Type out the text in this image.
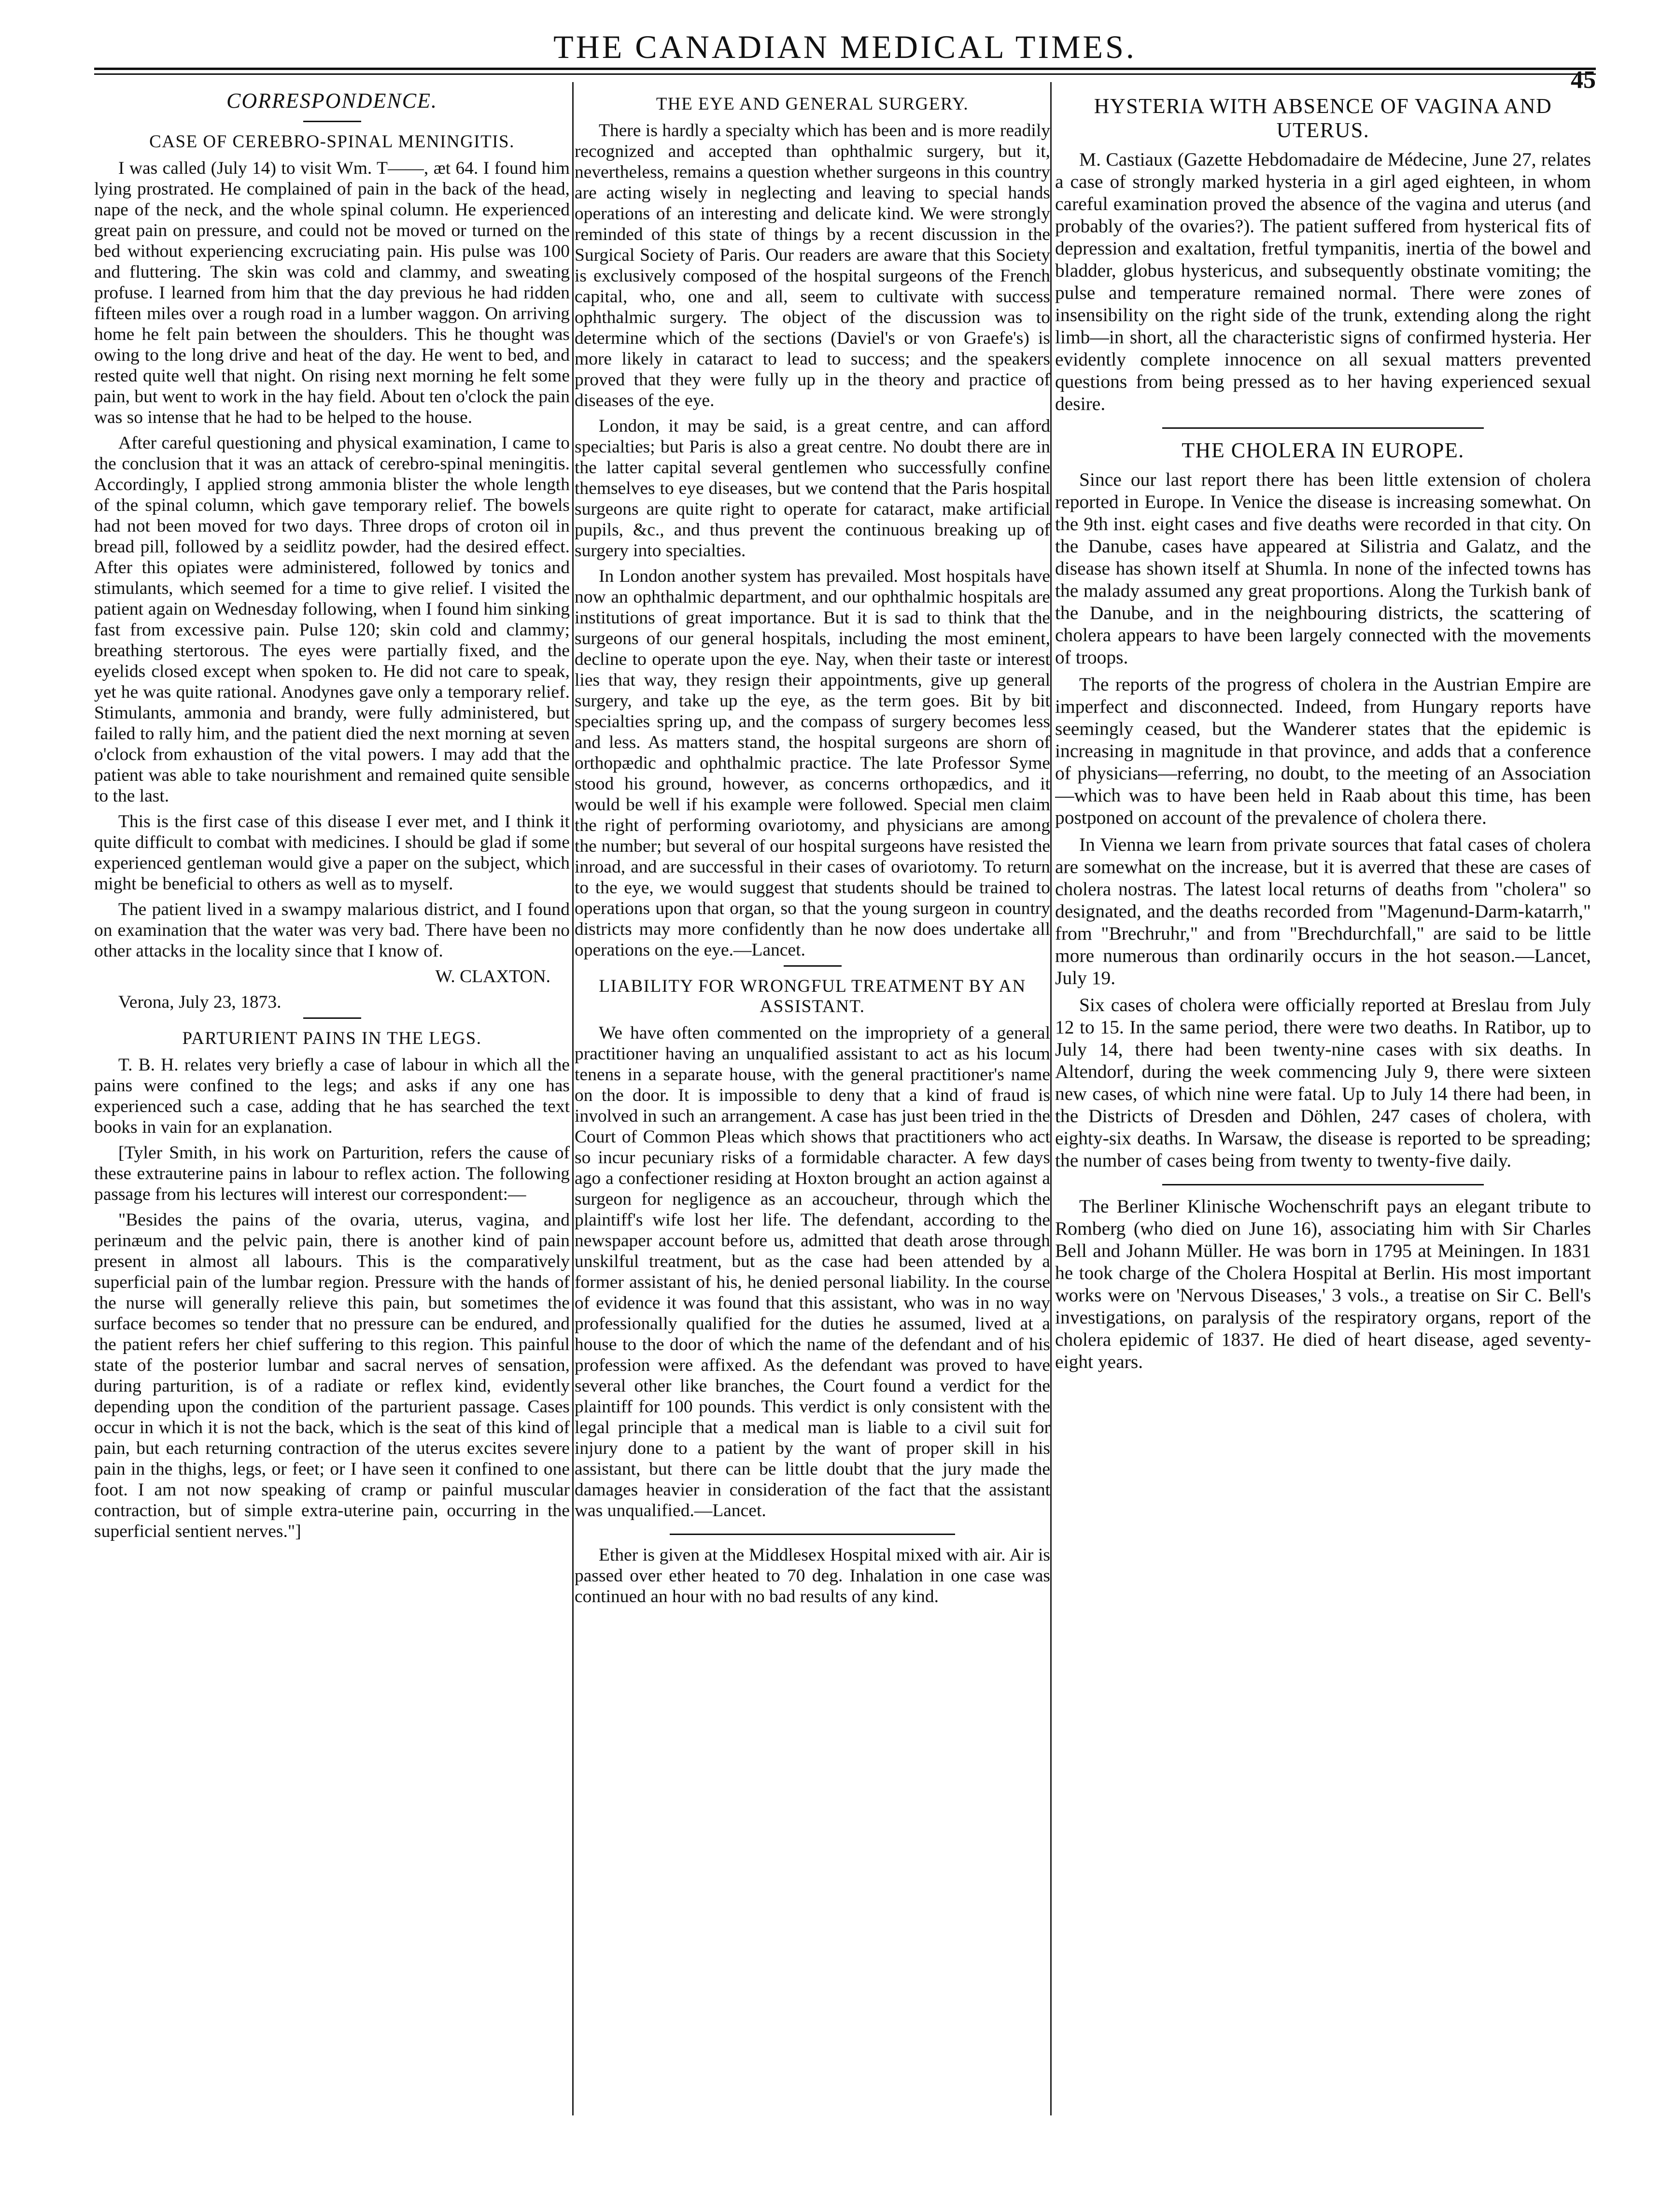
THE CANADIAN MEDICAL TIMES.
45
CORRESPONDENCE.
CASE OF CEREBRO-SPINAL MENINGITIS.

I was called (July 14) to visit Wm. T——, æt 64. I found him lying prostrated. He complained of pain in the back of the head, nape of the neck, and the whole spinal column. He experienced great pain on pressure, and could not be moved or turned on the bed without experiencing excruciating pain. His pulse was 100 and fluttering. The skin was cold and clammy, and sweating profuse. I learned from him that the day previous he had ridden fifteen miles over a rough road in a lumber waggon. On arriving home he felt pain between the shoulders. This he thought was owing to the long drive and heat of the day. He went to bed, and rested quite well that night. On rising next morning he felt some pain, but went to work in the hay field. About ten o'clock the pain was so intense that he had to be helped to the house.

After careful questioning and physical examination, I came to the conclusion that it was an attack of cerebro-spinal meningitis. Accordingly, I applied strong ammonia blister the whole length of the spinal column, which gave temporary relief. The bowels had not been moved for two days. Three drops of croton oil in bread pill, followed by a seidlitz powder, had the desired effect. After this opiates were administered, followed by tonics and stimulants, which seemed for a time to give relief. I visited the patient again on Wednesday following, when I found him sinking fast from excessive pain. Pulse 120; skin cold and clammy; breathing stertorous. The eyes were partially fixed, and the eyelids closed except when spoken to. He did not care to speak, yet he was quite rational. Anodynes gave only a temporary relief. Stimulants, ammonia and brandy, were fully administered, but failed to rally him, and the patient died the next morning at seven o'clock from exhaustion of the vital powers. I may add that the patient was able to take nourishment and remained quite sensible to the last.

This is the first case of this disease I ever met, and I think it quite difficult to combat with medicines. I should be glad if some experienced gentleman would give a paper on the subject, which might be beneficial to others as well as to myself.

The patient lived in a swampy malarious district, and I found on examination that the water was very bad. There have been no other attacks in the locality since that I know of.

W. CLAXTON.

Verona, July 23, 1873.

PARTURIENT PAINS IN THE LEGS.

T. B. H. relates very briefly a case of labour in which all the pains were confined to the legs; and asks if any one has experienced such a case, adding that he has searched the text books in vain for an explanation.

[Tyler Smith, in his work on Parturition, refers the cause of these extrauterine pains in labour to reflex action. The following passage from his lectures will interest our correspondent:—

"Besides the pains of the ovaria, uterus, vagina, and perinæum and the pelvic pain, there is another kind of pain present in almost all labours. This is the comparatively superficial pain of the lumbar region. Pressure with the hands of the nurse will generally relieve this pain, but sometimes the surface becomes so tender that no pressure can be endured, and the patient refers her chief suffering to this region. This painful state of the posterior lumbar and sacral nerves of sensation, during parturition, is of a radiate or reflex kind, evidently depending upon the condition of the parturient passage. Cases occur in which it is not the back, which is the seat of this kind of pain, but each returning contraction of the uterus excites severe pain in the thighs, legs, or feet; or I have seen it confined to one foot. I am not now speaking of cramp or painful muscular contraction, but of simple extra-uterine pain, occurring in the superficial sentient nerves."]

THE EYE AND GENERAL SURGERY.

There is hardly a specialty which has been and is more readily recognized and accepted than ophthalmic surgery, but it, nevertheless, remains a question whether surgeons in this country are acting wisely in neglecting and leaving to special hands operations of an interesting and delicate kind. We were strongly reminded of this state of things by a recent discussion in the Surgical Society of Paris. Our readers are aware that this Society is exclusively composed of the hospital surgeons of the French capital, who, one and all, seem to cultivate with success ophthalmic surgery. The object of the discussion was to determine which of the sections (Daviel's or von Graefe's) is more likely in cataract to lead to success; and the speakers proved that they were fully up in the theory and practice of diseases of the eye.

London, it may be said, is a great centre, and can afford specialties; but Paris is also a great centre. No doubt there are in the latter capital several gentlemen who successfully confine themselves to eye diseases, but we contend that the Paris hospital surgeons are quite right to operate for cataract, make artificial pupils, &c., and thus prevent the continuous breaking up of surgery into specialties.

In London another system has prevailed. Most hospitals have now an ophthalmic department, and our ophthalmic hospitals are institutions of great importance. But it is sad to think that the surgeons of our general hospitals, including the most eminent, decline to operate upon the eye. Nay, when their taste or interest lies that way, they resign their appointments, give up general surgery, and take up the eye, as the term goes. Bit by bit specialties spring up, and the compass of surgery becomes less and less. As matters stand, the hospital surgeons are shorn of orthopædic and ophthalmic practice. The late Professor Syme stood his ground, however, as concerns orthopædics, and it would be well if his example were followed. Special men claim the right of performing ovariotomy, and physicians are among the number; but several of our hospital surgeons have resisted the inroad, and are successful in their cases of ovariotomy. To return to the eye, we would suggest that students should be trained to operations upon that organ, so that the young surgeon in country districts may more confidently than he now does undertake all operations on the eye.—Lancet.

LIABILITY FOR WRONGFUL TREATMENT BY AN ASSISTANT.

We have often commented on the impropriety of a general practitioner having an unqualified assistant to act as his locum tenens in a separate house, with the general practitioner's name on the door. It is impossible to deny that a kind of fraud is involved in such an arrangement. A case has just been tried in the Court of Common Pleas which shows that practitioners who act so incur pecuniary risks of a formidable character. A few days ago a confectioner residing at Hoxton brought an action against a surgeon for negligence as an accoucheur, through which the plaintiff's wife lost her life. The defendant, according to the newspaper account before us, admitted that death arose through unskilful treatment, but as the case had been attended by a former assistant of his, he denied personal liability. In the course of evidence it was found that this assistant, who was in no way professionally qualified for the duties he assumed, lived at a house to the door of which the name of the defendant and of his profession were affixed. As the defendant was proved to have several other like branches, the Court found a verdict for the plaintiff for 100 pounds. This verdict is only consistent with the legal principle that a medical man is liable to a civil suit for injury done to a patient by the want of proper skill in his assistant, but there can be little doubt that the jury made the damages heavier in consideration of the fact that the assistant was unqualified.—Lancet.

Ether is given at the Middlesex Hospital mixed with air. Air is passed over ether heated to 70 deg. Inhalation in one case was continued an hour with no bad results of any kind.

HYSTERIA WITH ABSENCE OF VAGINA AND UTERUS.

M. Castiaux (Gazette Hebdomadaire de Médecine, June 27, relates a case of strongly marked hysteria in a girl aged eighteen, in whom careful examination proved the absence of the vagina and uterus (and probably of the ovaries?). The patient suffered from hysterical fits of depression and exaltation, fretful tympanitis, inertia of the bowel and bladder, globus hystericus, and subsequently obstinate vomiting; the pulse and temperature remained normal. There were zones of insensibility on the right side of the trunk, extending along the right limb—in short, all the characteristic signs of confirmed hysteria. Her evidently complete innocence on all sexual matters prevented questions from being pressed as to her having experienced sexual desire.

THE CHOLERA IN EUROPE.

Since our last report there has been little extension of cholera reported in Europe. In Venice the disease is increasing somewhat. On the 9th inst. eight cases and five deaths were recorded in that city. On the Danube, cases have appeared at Silistria and Galatz, and the disease has shown itself at Shumla. In none of the infected towns has the malady assumed any great proportions. Along the Turkish bank of the Danube, and in the neighbouring districts, the scattering of cholera appears to have been largely connected with the movements of troops.

The reports of the progress of cholera in the Austrian Empire are imperfect and disconnected. Indeed, from Hungary reports have seemingly ceased, but the Wanderer states that the epidemic is increasing in magnitude in that province, and adds that a conference of physicians—referring, no doubt, to the meeting of an Association—which was to have been held in Raab about this time, has been postponed on account of the prevalence of cholera there.

In Vienna we learn from private sources that fatal cases of cholera are somewhat on the increase, but it is averred that these are cases of cholera nostras. The latest local returns of deaths from "cholera" so designated, and the deaths recorded from "Magenund-Darm-katarrh," from "Brechruhr," and from "Brechdurchfall," are said to be little more numerous than ordinarily occurs in the hot season.—Lancet, July 19.

Six cases of cholera were officially reported at Breslau from July 12 to 15. In the same period, there were two deaths. In Ratibor, up to July 14, there had been twenty-nine cases with six deaths. In Altendorf, during the week commencing July 9, there were sixteen new cases, of which nine were fatal. Up to July 14 there had been, in the Districts of Dresden and Döhlen, 247 cases of cholera, with eighty-six deaths. In Warsaw, the disease is reported to be spreading; the number of cases being from twenty to twenty-five daily.

The Berliner Klinische Wochenschrift pays an elegant tribute to Romberg (who died on June 16), associating him with Sir Charles Bell and Johann Müller. He was born in 1795 at Meiningen. In 1831 he took charge of the Cholera Hospital at Berlin. His most important works were on 'Nervous Diseases,' 3 vols., a treatise on Sir C. Bell's investigations, on paralysis of the respiratory organs, report of the cholera epidemic of 1837. He died of heart disease, aged seventy-eight years.
